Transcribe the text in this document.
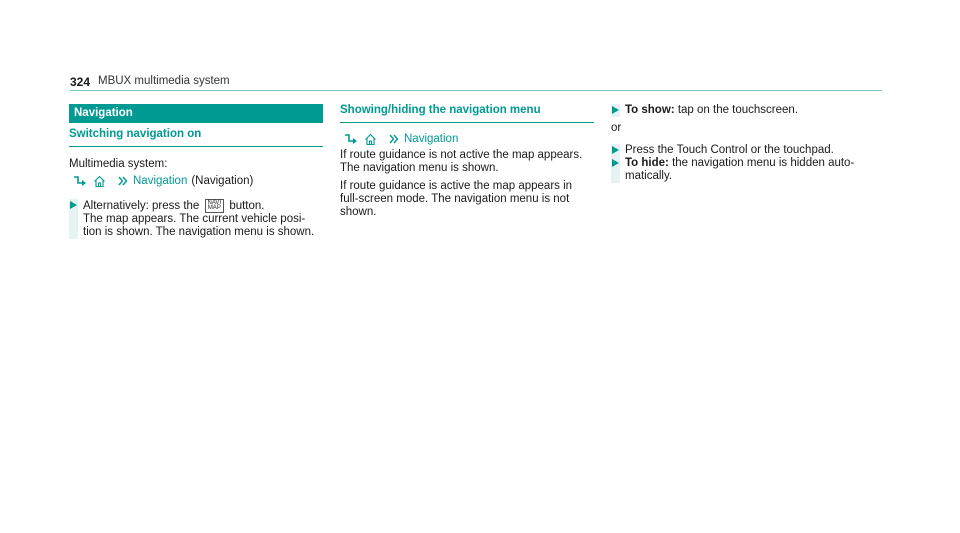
324 MBUX multimedia system
Navigation
Switching navigation on
Multimedia system:
Navigation (Navigation)
Alternatively: press the NAVI
MAP button.
The map appears. The current vehicle posi-
tion is shown. The navigation menu is shown.
Showing/hiding the navigation menu
Navigation
If route guidance is not active the map appears.
The navigation menu is shown.
If route guidance is active the map appears in
full-screen mode. The navigation menu is not
shown.
To show: tap on the touchscreen.
or
Press the Touch Control or the touchpad.
To hide: the navigation menu is hidden auto-
matically.
